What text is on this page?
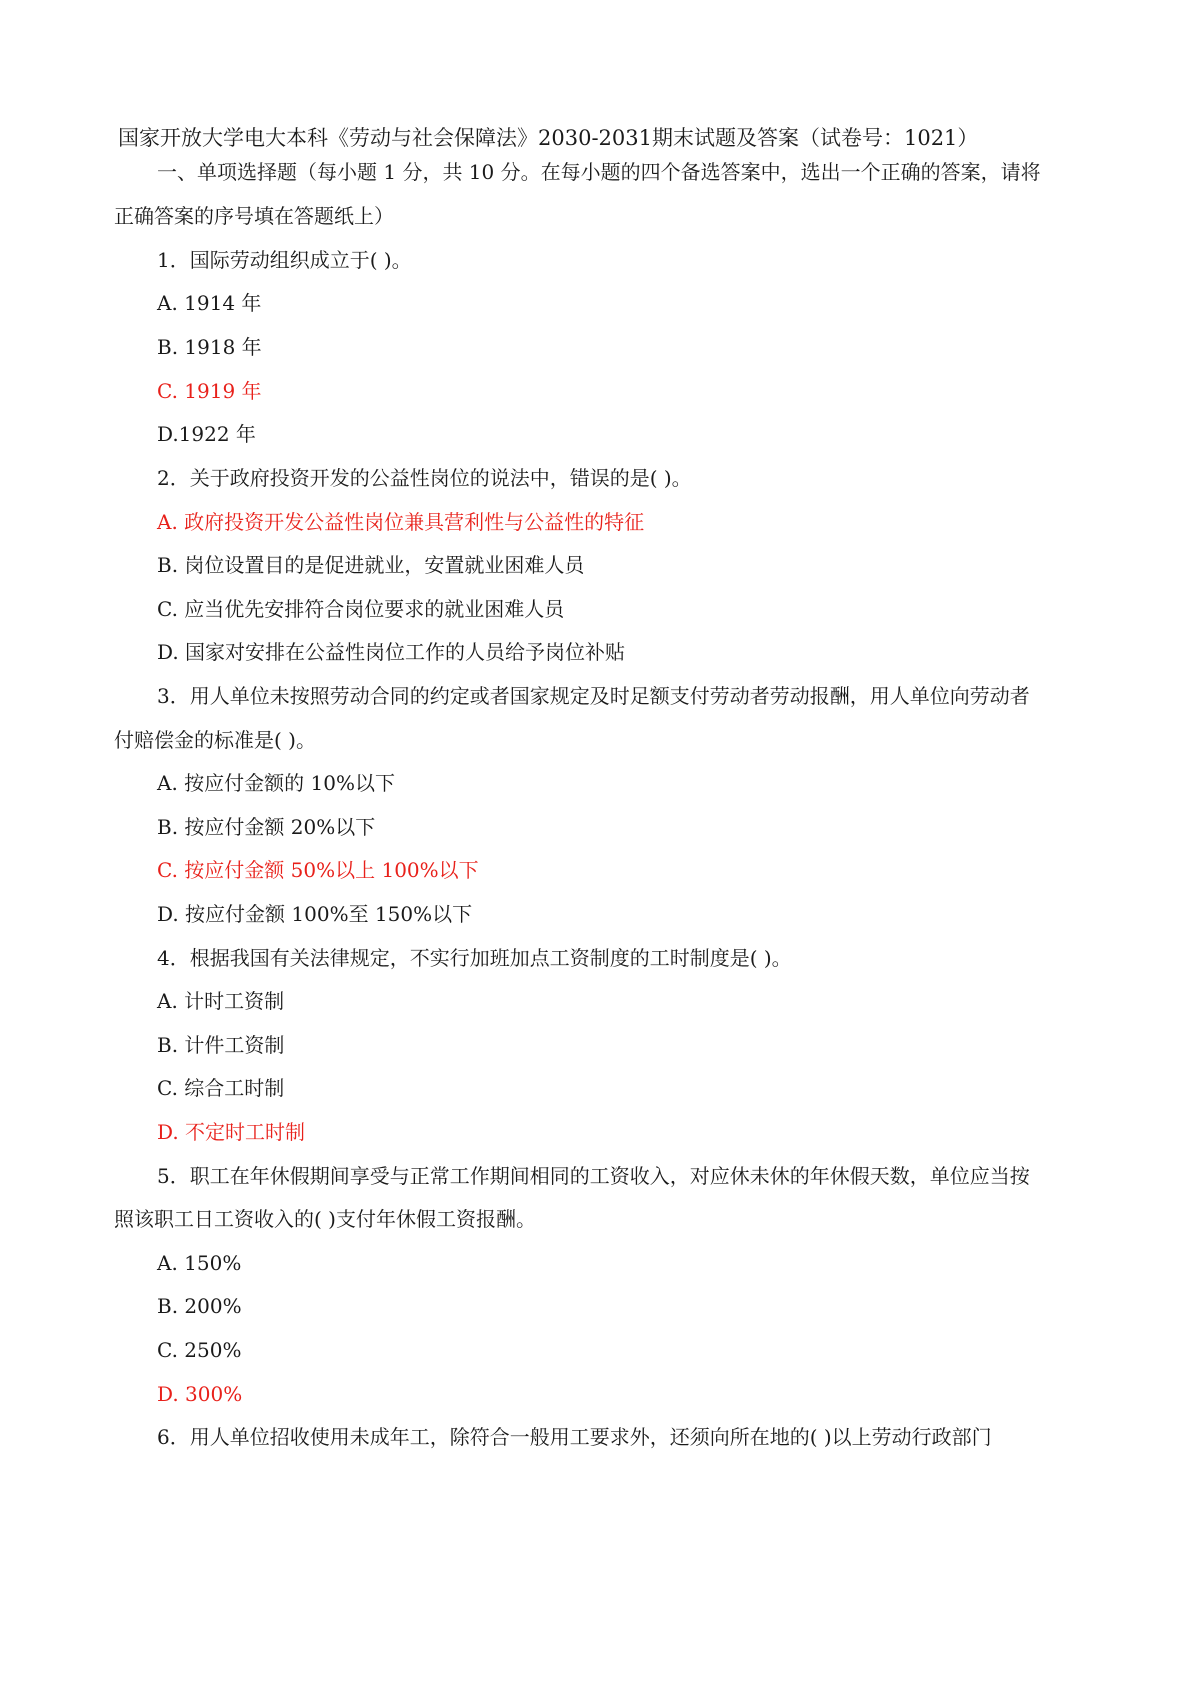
国家开放大学电大本科《劳动与社会保障法》2030-2031期末试题及答案（试卷号：1021）
一、单项选择题（每小题 1 分，共 10 分。在每小题的四个备选答案中，选出一个正确的答案，请将
正确答案的序号填在答题纸上）
1．国际劳动组织成立于( )。
A. 1914 年
B. 1918 年
C. 1919 年
D.1922 年
2．关于政府投资开发的公益性岗位的说法中，错误的是( )。
A. 政府投资开发公益性岗位兼具营利性与公益性的特征
B. 岗位设置目的是促进就业，安置就业困难人员
C. 应当优先安排符合岗位要求的就业困难人员
D. 国家对安排在公益性岗位工作的人员给予岗位补贴
3．用人单位未按照劳动合同的约定或者国家规定及时足额支付劳动者劳动报酬，用人单位向劳动者
付赔偿金的标准是( )。
A. 按应付金额的 10%以下
B. 按应付金额 20%以下
C. 按应付金额 50%以上 100%以下
D. 按应付金额 100%至 150%以下
4．根据我国有关法律规定，不实行加班加点工资制度的工时制度是( )。
A. 计时工资制
B. 计件工资制
C. 综合工时制
D. 不定时工时制
5．职工在年休假期间享受与正常工作期间相同的工资收入，对应休未休的年休假天数，单位应当按
照该职工日工资收入的( )支付年休假工资报酬。
A. 150%
B. 200%
C. 250%
D. 300%
6．用人单位招收使用未成年工，除符合一般用工要求外，还须向所在地的( )以上劳动行政部门
